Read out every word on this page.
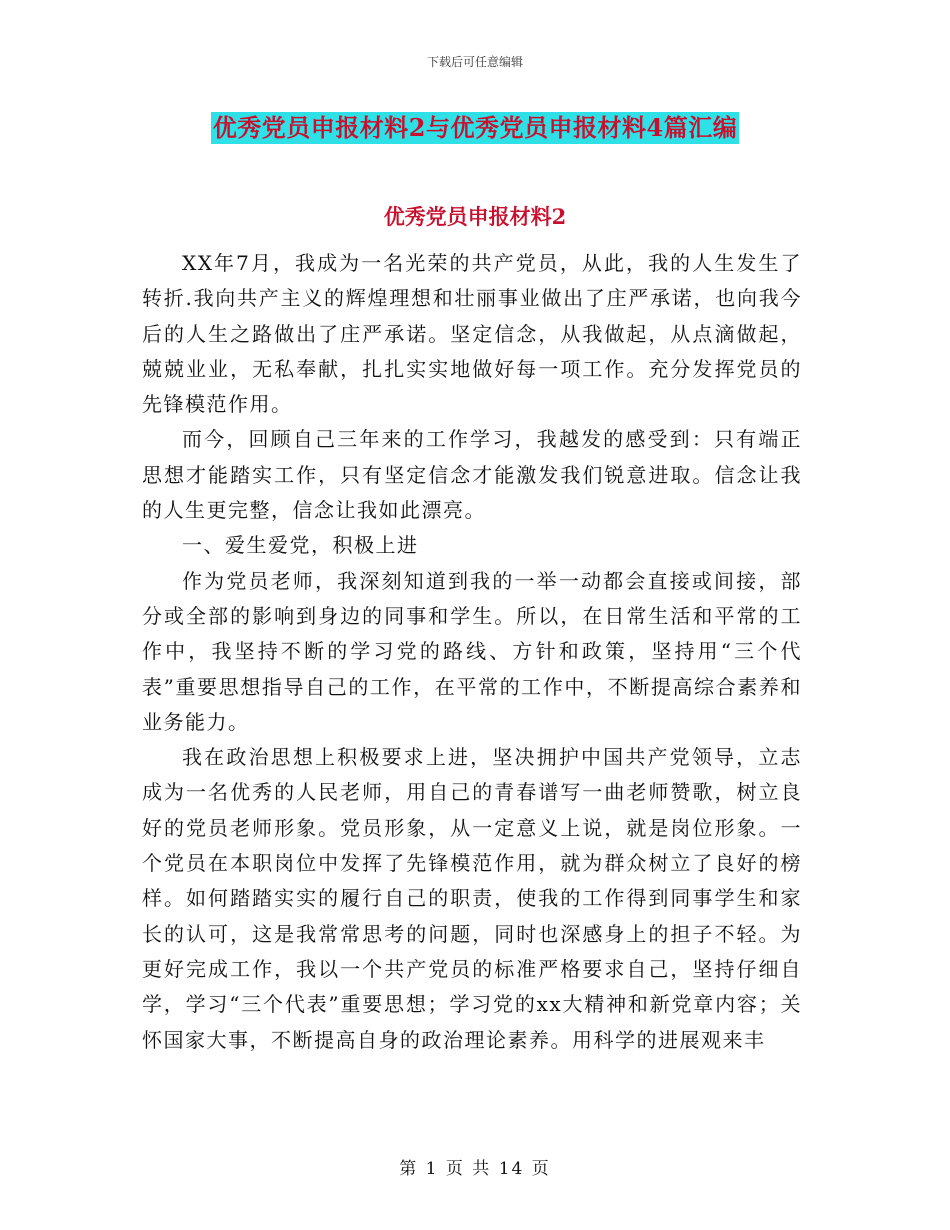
下载后可任意编辑
优秀党员申报材料2与优秀党员申报材料4篇汇编
优秀党员申报材料2

XX年7月，我成为一名光荣的共产党员，从此，我的人生发生了转折.我向共产主义的辉煌理想和壮丽事业做出了庄严承诺，也向我今后的人生之路做出了庄严承诺。坚定信念，从我做起，从点滴做起，兢兢业业，无私奉献，扎扎实实地做好每一项工作。充分发挥党员的先锋模范作用。

而今，回顾自己三年来的工作学习，我越发的感受到：只有端正思想才能踏实工作，只有坚定信念才能激发我们锐意进取。信念让我的人生更完整，信念让我如此漂亮。

一、爱生爱党，积极上进

作为党员老师，我深刻知道到我的一举一动都会直接或间接，部分或全部的影响到身边的同事和学生。所以，在日常生活和平常的工作中，我坚持不断的学习党的路线、方针和政策，坚持用“三个代表”重要思想指导自己的工作，在平常的工作中，不断提高综合素养和业务能力。

我在政治思想上积极要求上进，坚决拥护中国共产党领导，立志成为一名优秀的人民老师，用自己的青春谱写一曲老师赞歌，树立良好的党员老师形象。党员形象，从一定意义上说，就是岗位形象。一个党员在本职岗位中发挥了先锋模范作用，就为群众树立了良好的榜样。如何踏踏实实的履行自己的职责，使我的工作得到同事学生和家长的认可，这是我常常思考的问题，同时也深感身上的担子不轻。为更好完成工作，我以一个共产党员的标准严格要求自己，坚持仔细自学，学习“三个代表”重要思想；学习党的xx大精神和新党章内容；关怀国家大事，不断提高自身的政治理论素养。用科学的进展观来丰

第 1 页 共 14 页
